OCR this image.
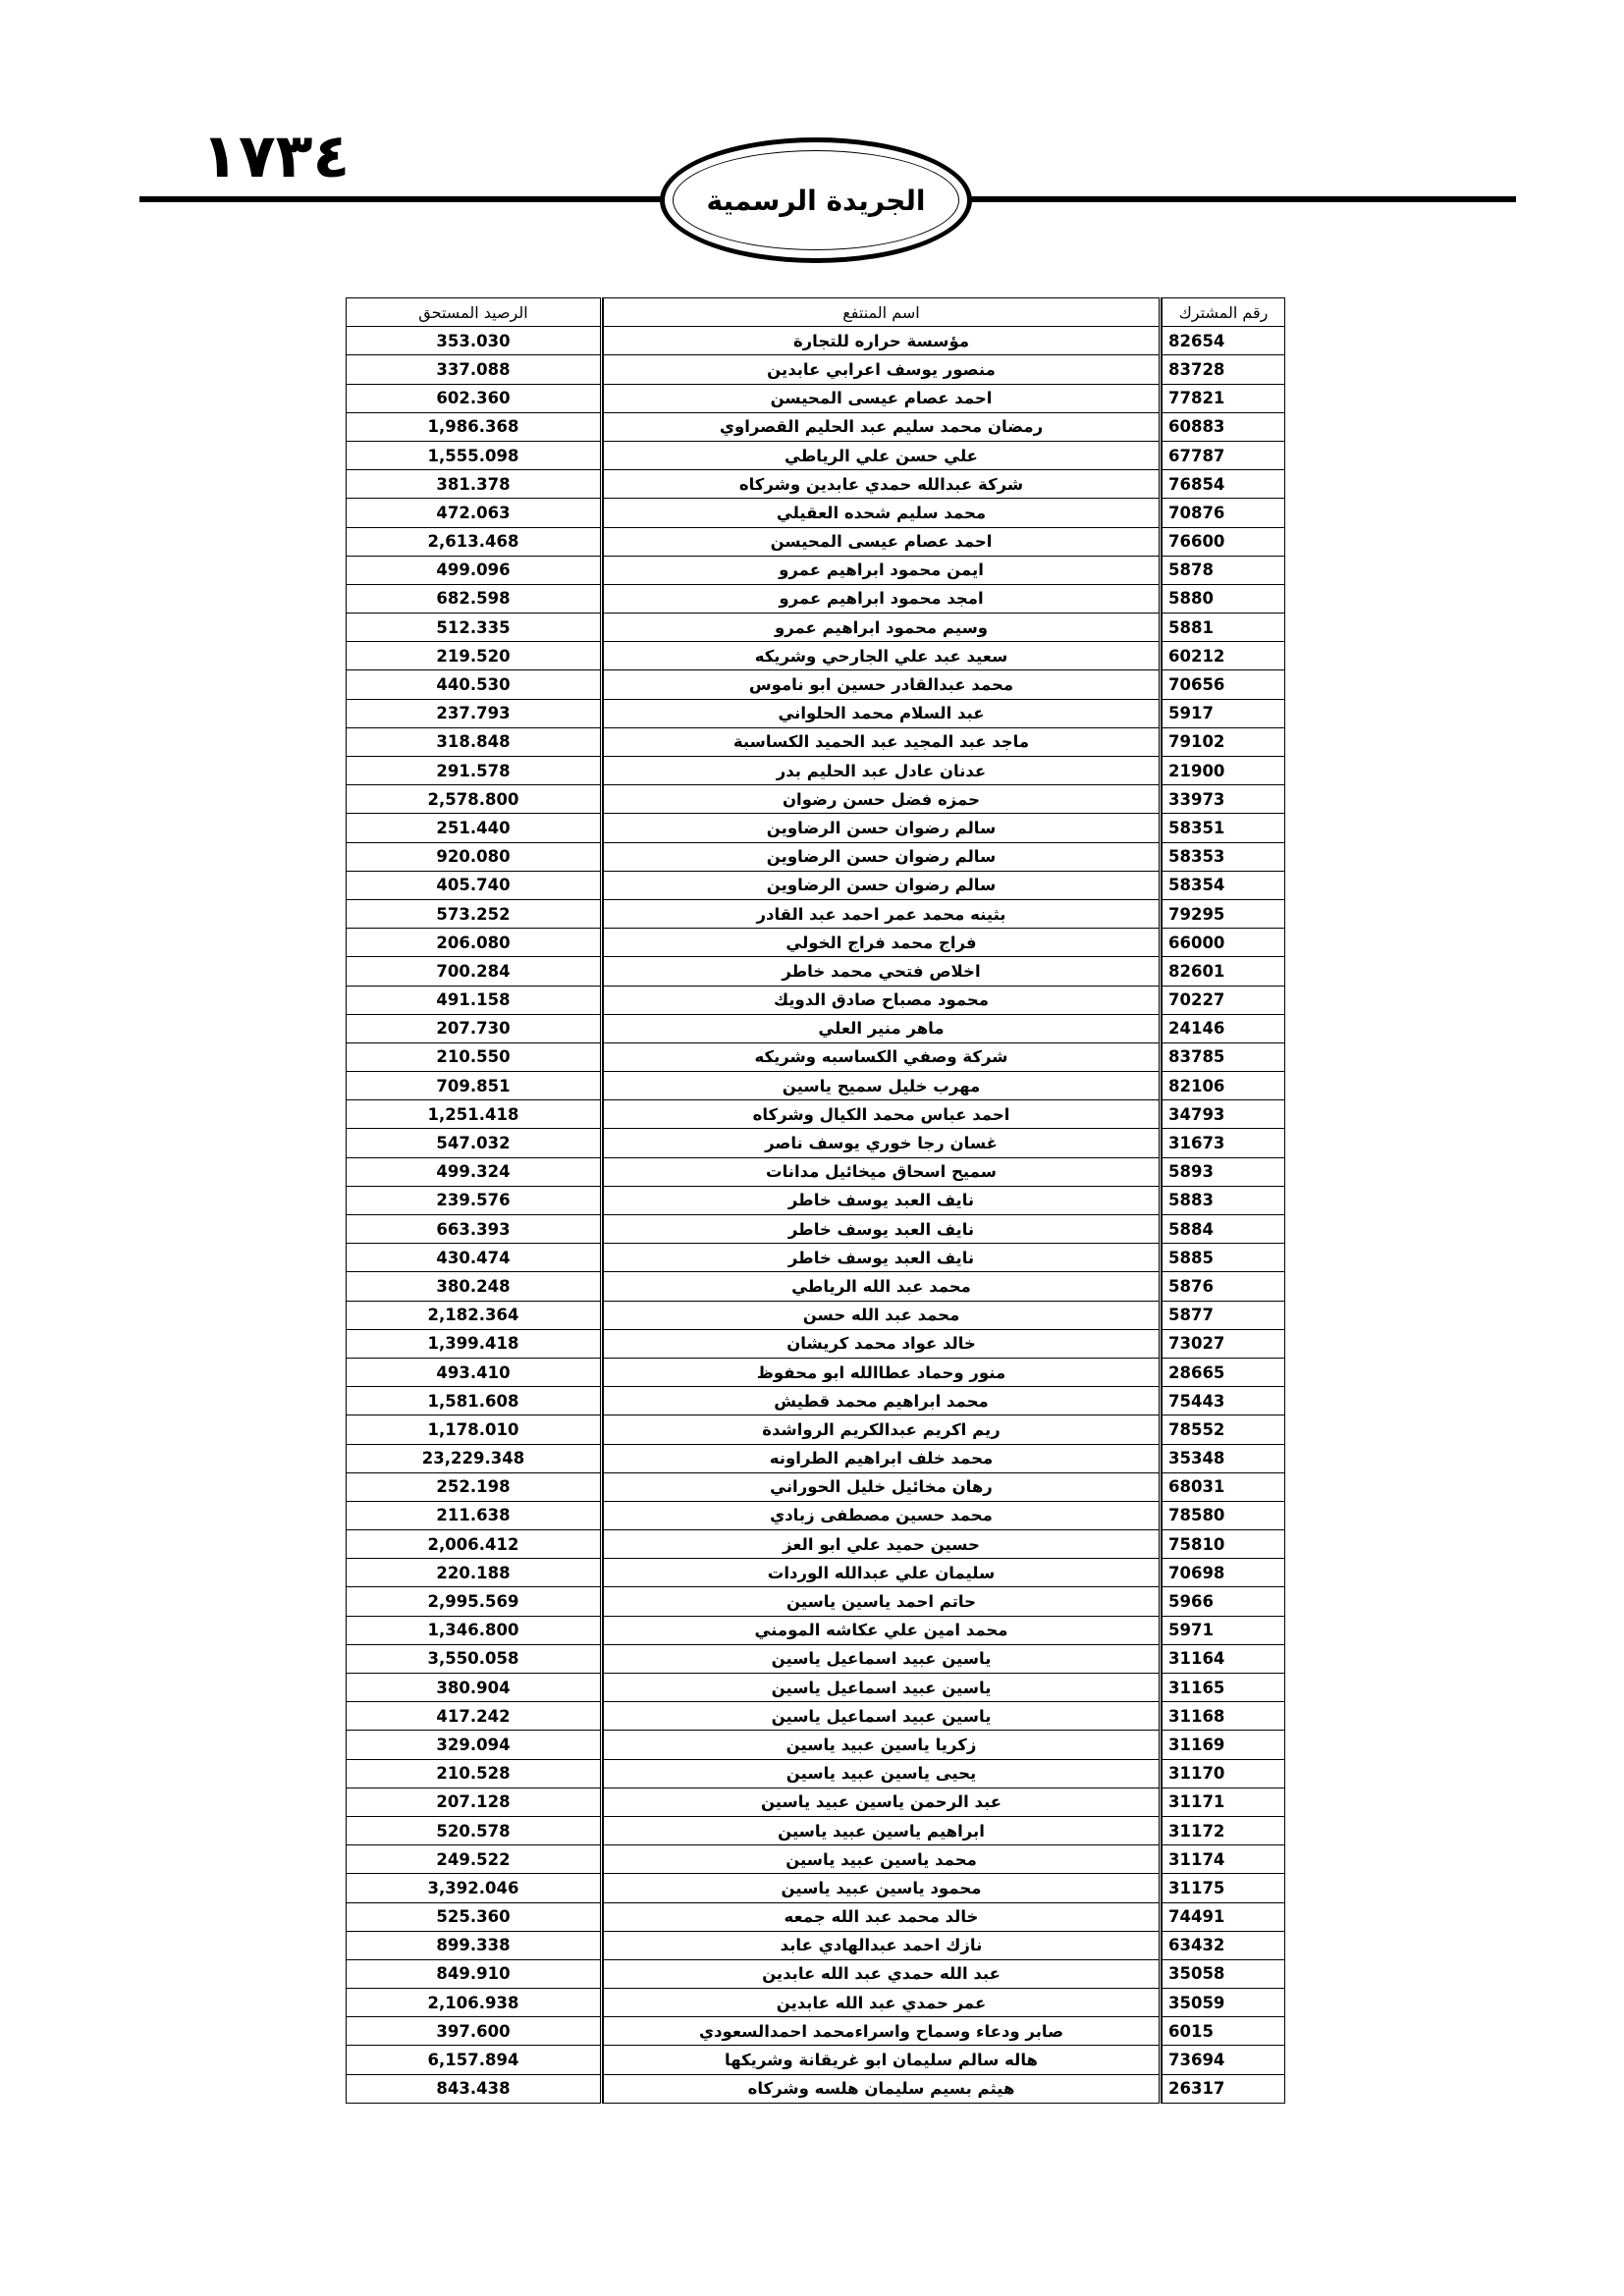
١٧٣٤
الجريدة الرسمية
رقم المشترك		اسم المنتفع		الرصيد المستحق
82654		مؤسسة حراره للتجارة		353.030
83728		منصور يوسف اعرابي عابدين		337.088
77821		احمد عصام عيسى المحيسن		602.360
60883		رمضان محمد سليم عبد الحليم القصراوي		1,986.368
67787		علي حسن علي الرياطي		1,555.098
76854		شركة عبدالله حمدي عابدين وشركاه		381.378
70876		محمد سليم شحده العقيلي		472.063
76600		احمد عصام عيسى المحيسن		2,613.468
5878		ايمن محمود ابراهيم عمرو		499.096
5880		امجد محمود ابراهيم عمرو		682.598
5881		وسيم محمود ابراهيم عمرو		512.335
60212		سعيد عبد علي الجارحي وشريكه		219.520
70656		محمد عبدالقادر حسين ابو ناموس		440.530
5917		عبد السلام محمد الحلواني		237.793
79102		ماجد عبد المجيد عبد الحميد الكساسبة		318.848
21900		عدنان عادل عبد الحليم بدر		291.578
33973		حمزه فضل حسن رضوان		2,578.800
58351		سالم رضوان حسن الرضاوين		251.440
58353		سالم رضوان حسن الرضاوين		920.080
58354		سالم رضوان حسن الرضاوين		405.740
79295		بثينه محمد عمر احمد عبد القادر		573.252
66000		فراج محمد فراج الخولي		206.080
82601		اخلاص فتحي محمد خاطر		700.284
70227		محمود مصباح صادق الدويك		491.158
24146		ماهر منير العلي		207.730
83785		شركة وصفي الكساسبه وشريكه		210.550
82106		مهرب خليل سميح ياسين		709.851
34793		احمد عباس محمد الكيال وشركاه		1,251.418
31673		غسان رجا خوري يوسف ناصر		547.032
5893		سميح اسحاق ميخائيل مدانات		499.324
5883		نايف العبد يوسف خاطر		239.576
5884		نايف العبد يوسف خاطر		663.393
5885		نايف العبد يوسف خاطر		430.474
5876		محمد عبد الله الرياطي		380.248
5877		محمد عبد الله حسن		2,182.364
73027		خالد عواد محمد كريشان		1,399.418
28665		منور وحماد عطاالله ابو محفوظ		493.410
75443		محمد ابراهيم محمد قطيش		1,581.608
78552		ريم اكريم عبدالكريم الرواشدة		1,178.010
35348		محمد خلف ابراهيم الطراونه		23,229.348
68031		رهان مخائيل خليل الحوراني		252.198
78580		محمد حسين مصطفى زبادي		211.638
75810		حسين حميد علي ابو العز		2,006.412
70698		سليمان علي عبدالله الوردات		220.188
5966		حاتم احمد ياسين ياسين		2,995.569
5971		محمد امين علي عكاشه المومني		1,346.800
31164		ياسين عبيد اسماعيل ياسين		3,550.058
31165		ياسين عبيد اسماعيل ياسين		380.904
31168		ياسين عبيد اسماعيل ياسين		417.242
31169		زكريا ياسين عبيد ياسين		329.094
31170		يحيى ياسين عبيد ياسين		210.528
31171		عبد الرحمن ياسين عبيد ياسين		207.128
31172		ابراهيم ياسين عبيد ياسين		520.578
31174		محمد ياسين عبيد ياسين		249.522
31175		محمود ياسين عبيد ياسين		3,392.046
74491		خالد محمد عبد الله جمعه		525.360
63432		نازك احمد عبدالهادي عابد		899.338
35058		عبد الله حمدي عبد الله عابدين		849.910
35059		عمر حمدي عبد الله عابدين		2,106.938
6015		صابر ودعاء وسماح واسراءمحمد احمدالسعودي		397.600
73694		هاله سالم سليمان ابو غريقانة وشريكها		6,157.894
26317		هيثم بسيم سليمان هلسه وشركاه		843.438
